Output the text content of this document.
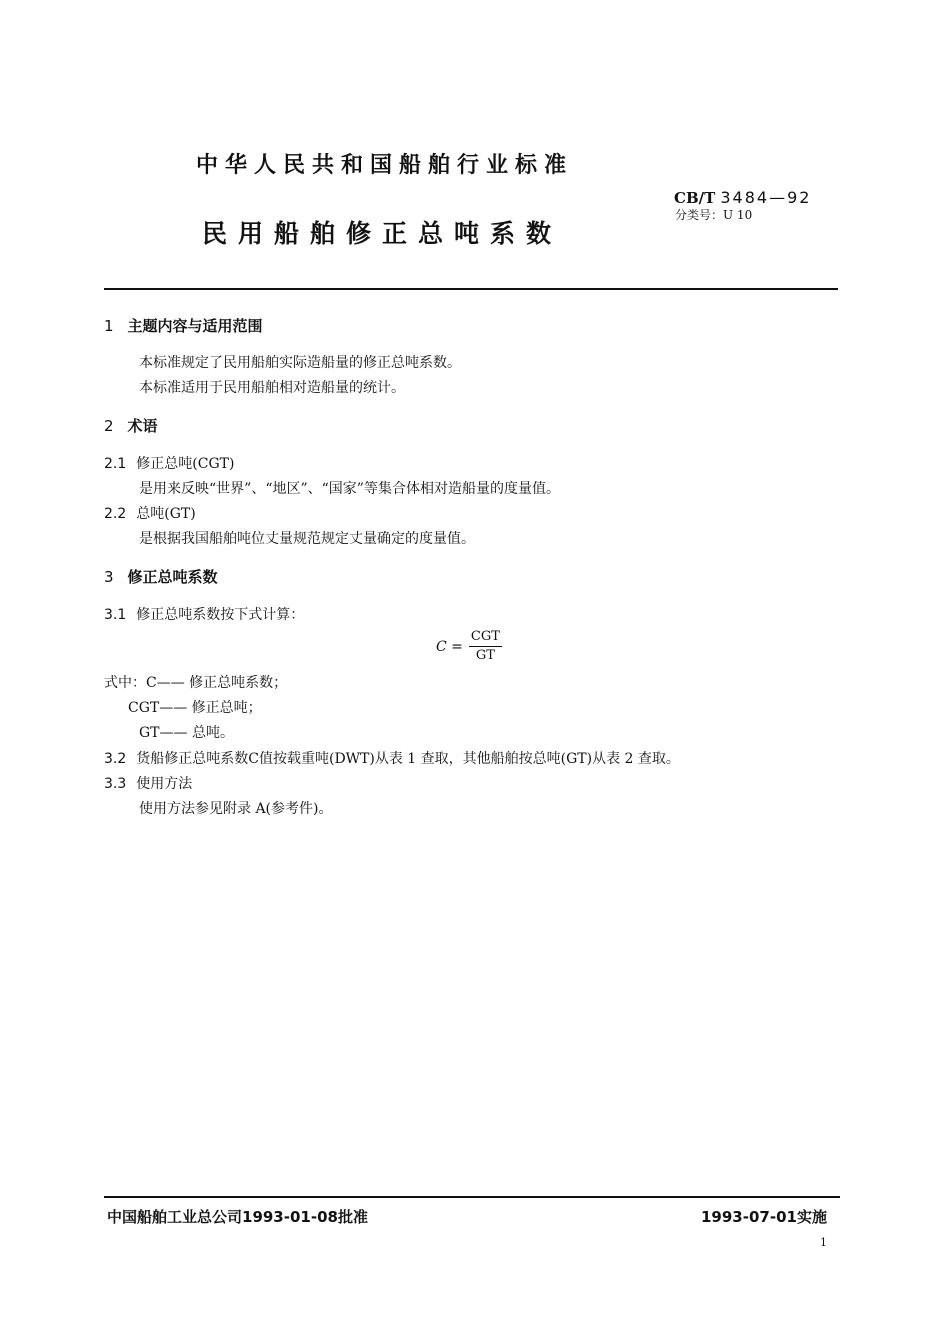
中华人民共和国船舶行业标准
民用船舶修正总吨系数
CB/T 3484—92
分类号：U 10
1 主题内容与适用范围
本标准规定了民用船舶实际造船量的修正总吨系数。
本标准适用于民用船舶相对造船量的统计。
2 术语
2.1 修正总吨(CGT)
是用来反映“世界”、“地区”、“国家”等集合体相对造船量的度量值。
2.2 总吨(GT)
是根据我国船舶吨位丈量规范规定丈量确定的度量值。
3 修正总吨系数
3.1 修正总吨系数按下式计算：
$C = \frac{\text{CGT}}{GT}$
式中：C—— 修正总吨系数；
CGT—— 修正总吨；
GT—— 总吨。
3.2 货船修正总吨系数C值按载重吨(DWT)从表 1 查取，其他船舶按总吨(GT)从表 2 查取。
3.3 使用方法
使用方法参见附录 A(参考件)。
中国船舶工业总公司1993-01-08批准	1993-07-01实施
1
